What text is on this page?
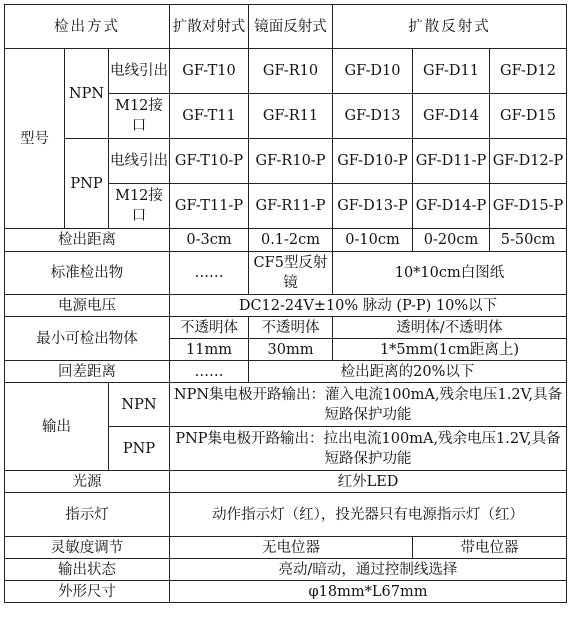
检出方式			扩散对射式	镜面反射式	扩散反射式		
型号	NPN	电线引出	GF-T10	GF-R10	GF-D10	GF-D11	GF-D12
		M12接口	GF-T11	GF-R11	GF-D13	GF-D14	GF-D15
	PNP	电线引出	GF-T10-P	GF-R10-P	GF-D10-P	GF-D11-P	GF-D12-P
		M12接口	GF-T11-P	GF-R11-P	GF-D13-P	GF-D14-P	GF-D15-P
检出距离			0-3cm	0.1-2cm	0-10cm	0-20cm	5-50cm
标准检出物			……	CF5型反射镜	10*10cm白图纸		
电源电压			DC12-24V±10% 脉动 (P-P) 10%以下				
最小可检出物体			不透明体	不透明体	透明体/不透明体		
			11mm	30mm	1*5mm(1cm距离上)		
回差距离			……	检出距离的20%以下			
输出		NPN	NPN集电极开路输出：灌入电流100mA,残余电压1.2V,具备短路保护功能				
		PNP	PNP集电极开路输出：拉出电流100mA,残余电压1.2V,具备短路保护功能				
光源			红外LED				
指示灯			动作指示灯（红），投光器只有电源指示灯（红）				
灵敏度调节			无电位器			带电位器	
输出状态			亮动/暗动，通过控制线选择				
外形尺寸			φ18mm*L67mm				
